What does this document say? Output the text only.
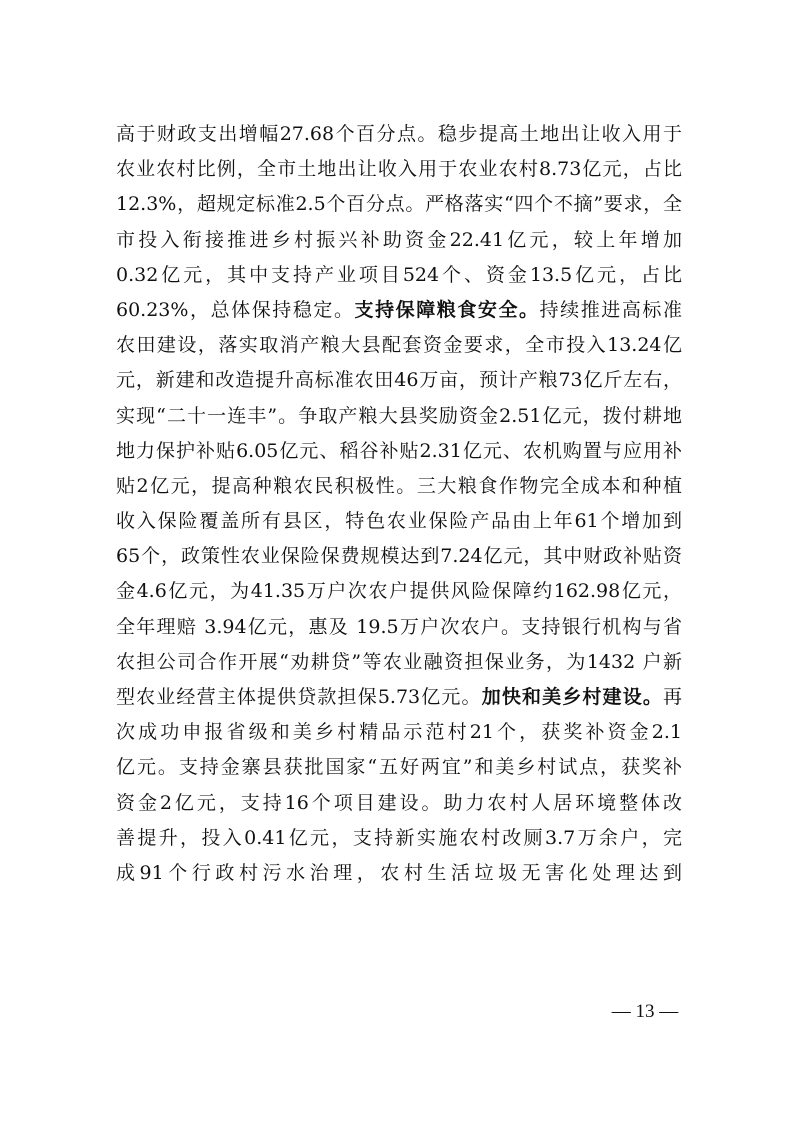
高于财政支出增幅27.68个百分点。稳步提高土地出让收入用于
农业农村比例，全市土地出让收入用于农业农村8.73亿元，占比
12.3%，超规定标准2.5个百分点。严格落实“四个不摘”要求，全
市投入衔接推进乡村振兴补助资金22.41亿元，较上年增加
0.32亿元，其中支持产业项目524个、资金13.5亿元，占比
60.23%，总体保持稳定。支持保障粮食安全。持续推进高标准
农田建设，落实取消产粮大县配套资金要求，全市投入13.24亿
元，新建和改造提升高标准农田46万亩，预计产粮73亿斤左右，
实现“二十一连丰”。争取产粮大县奖励资金2.51亿元，拨付耕地
地力保护补贴6.05亿元、稻谷补贴2.31亿元、农机购置与应用补
贴2亿元，提高种粮农民积极性。三大粮食作物完全成本和种植
收入保险覆盖所有县区，特色农业保险产品由上年61个增加到
65个，政策性农业保险保费规模达到7.24亿元，其中财政补贴资
金4.6亿元，为41.35万户次农户提供风险保障约162.98亿元，
全年理赔 3.94亿元，惠及 19.5万户次农户。支持银行机构与省
农担公司合作开展“劝耕贷”等农业融资担保业务，为1432 户新
型农业经营主体提供贷款担保5.73亿元。加快和美乡村建设。再
次成功申报省级和美乡村精品示范村21个，获奖补资金2.1
亿元。支持金寨县获批国家“五好两宜”和美乡村试点，获奖补
资金2亿元，支持16个项目建设。助力农村人居环境整体改
善提升，投入0.41亿元，支持新实施农村改厕3.7万余户，完
成91个行政村污水治理，农村生活垃圾无害化处理达到
— 13 —
